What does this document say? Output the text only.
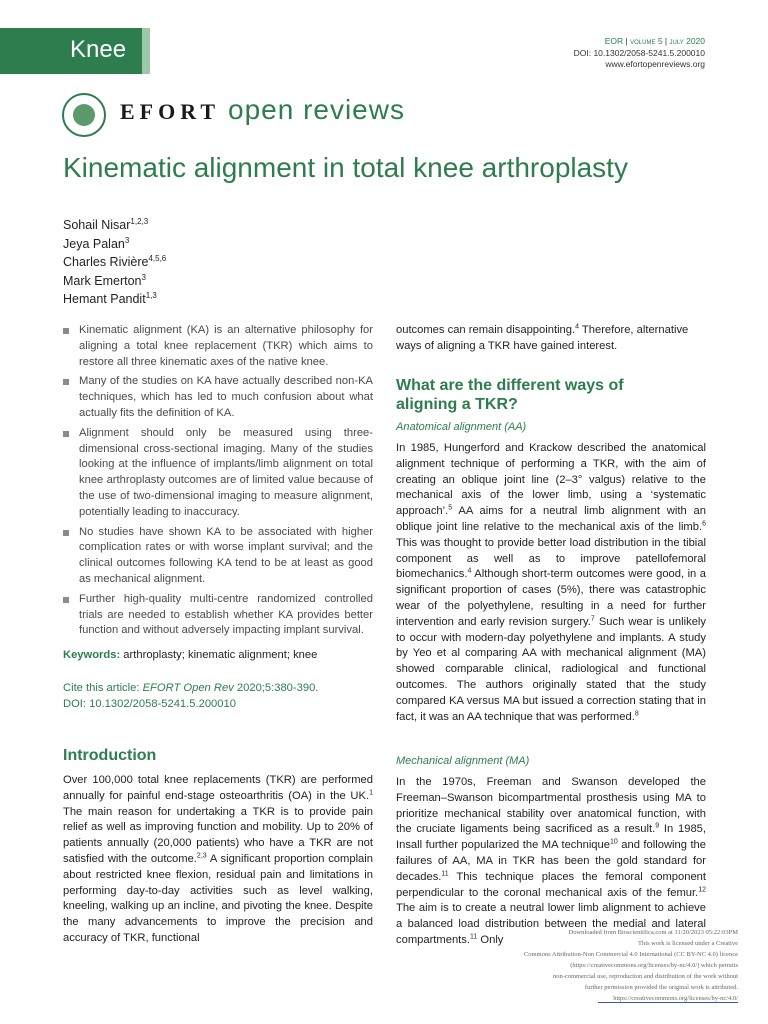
Knee	EOR | volume 5 | july 2020
DOI: 10.1302/2058-5241.5.200010
www.efortopenreviews.org
EFORT open reviews
Kinematic alignment in total knee arthroplasty
Sohail Nisar$^{1,2,3}$
Jeya Palan$^3$
Charles Rivière$^{4,5,6}$
Mark Emerton$^3$
Hemant Pandit$^{1,3}$
Kinematic alignment (KA) is an alternative philosophy for aligning a total knee replacement (TKR) which aims to restore all three kinematic axes of the native knee.
Many of the studies on KA have actually described non-KA techniques, which has led to much confusion about what actually fits the definition of KA.
Alignment should only be measured using three-dimensional cross-sectional imaging. Many of the studies looking at the influence of implants/limb alignment on total knee arthroplasty outcomes are of limited value because of the use of two-dimensional imaging to measure alignment, potentially leading to inaccuracy.
No studies have shown KA to be associated with higher complication rates or with worse implant survival; and the clinical outcomes following KA tend to be at least as good as mechanical alignment.
Further high-quality multi-centre randomized controlled trials are needed to establish whether KA provides better function and without adversely impacting implant survival.
Keywords: arthroplasty; kinematic alignment; knee
Cite this article: EFORT Open Rev 2020;5:380-390.
DOI: 10.1302/2058-5241.5.200010
Introduction
Over 100,000 total knee replacements (TKR) are performed annually for painful end-stage osteoarthritis (OA) in the UK.$^1$ The main reason for undertaking a TKR is to provide pain relief as well as improving function and mobility. Up to 20% of patients annually (20,000 patients) who have a TKR are not satisfied with the outcome.$^{2,3}$ A significant proportion complain about restricted knee flexion, residual pain and limitations in performing day-to-day activities such as level walking, kneeling, walking up an incline, and pivoting the knee. Despite the many advancements to improve the precision and accuracy of TKR, functional
outcomes can remain disappointing.$^4$ Therefore, alternative ways of aligning a TKR have gained interest.
What are the different ways of aligning a TKR?
Anatomical alignment (AA)
In 1985, Hungerford and Krackow described the anatomical alignment technique of performing a TKR, with the aim of creating an oblique joint line (2–3° valgus) relative to the mechanical axis of the lower limb, using a ‘systematic approach’.$^5$ AA aims for a neutral limb alignment with an oblique joint line relative to the mechanical axis of the limb.$^6$ This was thought to provide better load distribution in the tibial component as well as to improve patellofemoral biomechanics.$^4$ Although short-term outcomes were good, in a significant proportion of cases (5%), there was catastrophic wear of the polyethylene, resulting in a need for further intervention and early revision surgery.$^7$ Such wear is unlikely to occur with modern-day polyethylene and implants. A study by Yeo et al comparing AA with mechanical alignment (MA) showed comparable clinical, radiological and functional outcomes. The authors originally stated that the study compared KA versus MA but issued a correction stating that in fact, it was an AA technique that was performed.$^8$
Mechanical alignment (MA)
In the 1970s, Freeman and Swanson developed the Freeman–Swanson bicompartmental prosthesis using MA to prioritize mechanical stability over anatomical function, with the cruciate ligaments being sacrificed as a result.$^9$ In 1985, Insall further popularized the MA technique$^{10}$ and following the failures of AA, MA in TKR has been the gold standard for decades.$^{11}$ This technique places the femoral component perpendicular to the coronal mechanical axis of the femur.$^{12}$ The aim is to create a neutral lower limb alignment to achieve a balanced load distribution between the medial and lateral compartments.$^{11}$ Only
Downloaded from Bioscientifica.com at 11/20/2023 05:22:03PM
This work is licensed under a Creative
Commons Attribution-Non Commercial 4.0 International (CC BY-NC 4.0) licence
(https://creativecommons.org/licenses/by-nc/4.0/) which permits
non-commercial use, reproduction and distribution of the work without
further permission provided the original work is attributed.
https://creativecommons.org/licenses/by-nc/4.0/
